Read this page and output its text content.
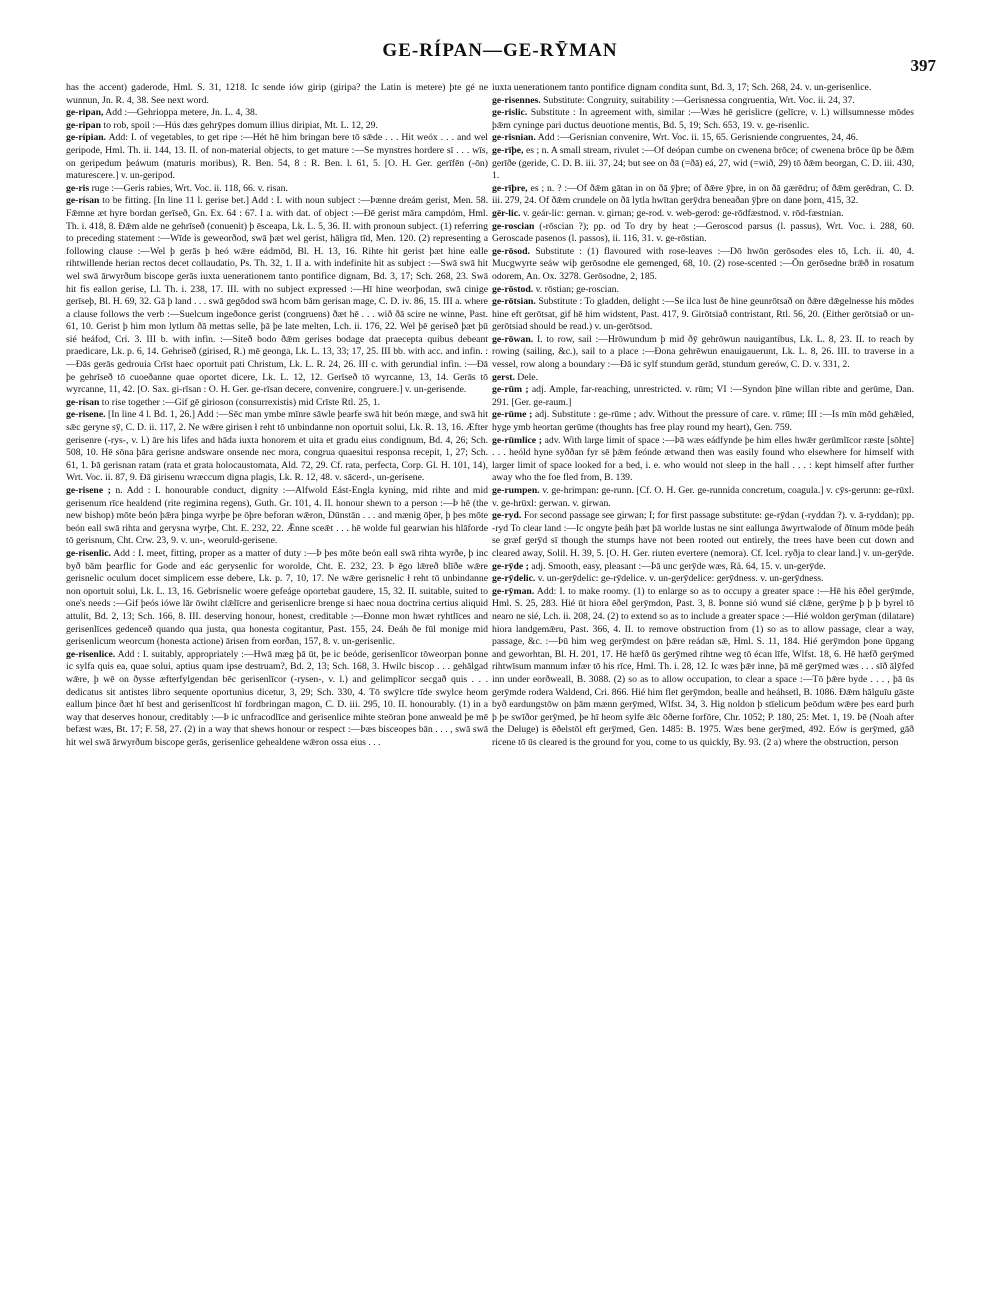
GE-RÍPAN—GE-RȲMAN
397

has the accent) gaderode, Hml. S. 31, 1218. Ic sende iów girip (giripa? the Latin is metere) þte gé ne wunnun, Jn. R. 4, 38. See next word.

ge-ripan, Add :—Gehrioppa metere, Jn. L. 4, 38.

ge-ripan to rob, spoil :—Hús dæs gehrȳpes domum illius diripiat, Mt. L. 12, 29.

ge-rípian. Add: I. of vegetables, to get ripe :—Hét hē him bringan bere tō sǣde . . . Hit weóx . . . and wel geripode, Hml. Th. ii. 144, 13. II. of non-material objects, to get mature :—Se mynstres hordere sī . . . wīs, on geripedum þeáwum (maturis moribus), R. Ben. 54, 8 : R. Ben. l. 61, 5. [O. H. Ger. gerīfēn (-ōn) maturescere.] v. un-geripod.

ge-ris ruge :—Geris rabies, Wrt. Voc. ii. 118, 66. v. risan.

ge-rísan to be fitting. [In line 11 l. gerise bet.] Add : I. with noun subject :—Þænne dreám gerist, Men. 58. Fǣmne æt hyre bordan gerīseð, Gn. Ex. 64 : 67. I a. with dat. of object :—Ðē gerist māra campdóm, Hml. Th. i. 418, 8. Ðǣm alde ne gehrīseð (conuenit) þ ēsceapa, Lk. L. 5, 36. II. with pronoun subject. (1) referring to preceding statement :—Wīde is geweorðod, swā þæt wel gerist, hāligra tīd, Men. 120. (2) representing a following clause :—Wel þ gerās þ heó wǣre eádmōd, Bl. H. 13, 16. Rihte hit gerist þæt hine ealle rihtwillende herian rectos decet collaudatio, Ps. Th. 32, 1. II a. with indefinite hit as subject :—Swā swā hit wel swā ārwyrðum biscope gerās iuxta uenerationem tanto pontifice dignam, Bd. 3, 17; Sch. 268, 23. Swā hit fis eallon gerise, Ll. Th. i. 238, 17. III. with no subject expressed :—Hī hine weorþodan, swā cinige gerīseþ, Bl. H. 69, 32. Gā þ land . . . swā gegōdod swā hcom bām gerisan mage, C. D. iv. 86, 15. III a. where a clause follows the verb :—Suelcum ingeðonce gerist (congruens) ðæt hē . . . wið ðā scire ne winne, Past. 61, 10. Gerist þ him mon lytlum ðā mettas selle, þā þe late melten, Lch. ii. 176, 22. Wel þē geriseð þæt þū sié heáfod, Cri. 3. III b. with infin. :—Siteð bodo ðǣm gerises bodage dat praecepta quibus debeant praedicare, Lk. p. 6, 14. Gehriseð (girised, R.) mē geonga, Lk. L. 13, 33; 17, 25. III bb. with acc. and infin. :—Ðās gerās gedrouia Crīst haec oportuit pati Christum, Lk. L. R. 24, 26. III c. with gerundial infin. :—Ðā þe gehrīseð tō cuoeðanne quae oportet dicere, Lk. L. 12, 12. Gerīseð tō wyrcanne, 13, 14. Gerās tō wyrcanne, 11, 42. [O. Sax. gi-rīsan : O. H. Ger. ge-rīsan decere, convenire, congruere.] v. un-gerisende.

ge-rísan to rise together :—Gif gē girioson (consurrexistis) mid Crīste Rtl. 25, 1.

ge-risene. [In line 4 l. Bd. 1, 26.] Add :—Sēc man ymbe mīnre sāwle þearfe swā hit beón mæge, and swā hit sǣc geryne sȳ, C. D. ii. 117, 2. Ne wǣre girisen ł reht tō unbindanne non oportuit solui, Lk. R. 13, 16. Æfter gerisenre (-rys-, v. l.) āre his lifes and hāda iuxta honorem et uita et gradu eius condignum, Bd. 4, 26; Sch. 508, 10. Hē sōna þāra gerisne andsware onsende nec mora, congrua quaesitui responsa recepit, 1, 27; Sch. 61, 1. Þā gerisnan ratam (rata et grata holocaustomata, Ald. 72, 29. Cf. rata, perfecta, Corp. Gl. H. 101, 14), Wrt. Voc. ii. 87, 9. Ðā girisenu wræccum digna plagis, Lk. R. 12, 48. v. sācerd-, un-gerisene.

ge-risene ; n. Add : I. honourable conduct, dignity :—Alfwold Eást-Engla kyning, mid rihte and mid gerisenum rīce healdend (rite regimina regens), Guth. Gr. 101, 4. II. honour shewn to a person :—Þ hē (the new bishop) mōte beón þǣra þinga wyrþe þe ōþre beforan wǣron, Dūnstān . . . and mænig ōþer, þ þes mōte beón eall swā rihta and gerysna wyrþe, Cht. E. 232, 22. Ǣnne sceǣt . . . hē wolde ful gearwian his hlāforde tō gerisnum, Cht. Crw. 23, 9. v. un-, weoruld-gerisene.

ge-risenlic. Add : I. meet, fitting, proper as a matter of duty :—Þ þes mōte beón eall swā rihta wyrðe, þ inc byð bām þearflic for Gode and eác gerysenlic for worolde, Cht. E. 232, 23. Þ ēgo lǣreð blīðe wǣre gerisnelic oculum docet simplicem esse debere, Lk. p. 7, 10, 17. Ne wǣre gerisnelic ł reht tō unbindanne non oportuit solui, Lk. L. 13, 16. Gebrisnelic woere gefeáge oportebat gaudere, 15, 32. II. suitable, suited to one's needs :—Gif þeós iówe lār ōwiht clǣlīcre and gerisenlicre brenge si haec noua doctrina certius aliquid attulit, Bd. 2, 13; Sch. 166, 8. III. deserving honour, honest, creditable :—Ðonne mon hwæt ryhtlīces and gerisenlīces gedenceð quando qua justa, qua honesta cogitantur, Past. 155, 24. Ðeáh ðe fūl monige mid gerisenlicum weorcum (honesta actione) ārisen from eorðan, 157, 8. v. un-gerisenlic.

ge-risenlice. Add : I. suitably, appropriately :—Hwā mæg þā ūt, þe ic beóde, gerisenlīcor tōweorpan þonne ic sylfa quis ea, quae solui, aptius quam ipse destruam?, Bd. 2, 13; Sch. 168, 3. Hwilc biscop . . . gehālgad wǣre, þ wē on ðysse æfterfylgendan bēc gerisenlīcor (-rysen-, v. l.) and gelimplīcor secgað quis . . . dedicatus sit antistes libro sequente oportunius dicetur, 3, 29; Sch. 330, 4. Tō swȳlcre tīde swylce heom eallum þince ðæt hī best and gerisenlīcost hī fordbringan magon, C. D. iii. 295, 10. II. honourably. (1) in a way that deserves honour, creditably :—Þ ic unfracodlīce and gerisenlice mihte steōran þone anweald þe mē befæst wæs, Bt. 17; F. 58, 27. (2) in a way that shews honour or respect :—Þæs bisceopes bān . . . , swā swā hit wel swā ārwyrðum biscope gerās, gerisenlice gehealdene wǣron ossa eius . . .

iuxta uenerationem tanto pontifice dignam condita sunt, Bd. 3, 17; Sch. 268, 24. v. un-gerisenlice.

ge-risennes. Substitute: Congruity, suitability :—Gerisnessa congruentia, Wrt. Voc. ii. 24, 37.

ge-rislic. Substitute : In agreement with, similar :—Wæs hē gerislicre (gelīcre, v. l.) willsumnesse mōdes þǣm cyninge pari ductus deuotione mentis, Bd. 5, 19; Sch. 653, 19. v. ge-risenlic.

ge-risnian. Add :—Gerisnian convenire, Wrt. Voc. ii. 15, 65. Gerisniende congruentes, 24, 46.

ge-rīþe, es ; n. A small stream, rivulet :—Of deópan cumbe on cwenena brōce; of cwenena brōce ūp be ðǣm gerīðe (geride, C. D. B. iii. 37, 24; but see on ðā (=ðā) eá, 27, wid (=wið, 29) tō ðǣm beorgan, C. D. iii. 430, 1.

ge-rīþre, es ; n. ? :—Of ðǣm gātan in on ðā ȳþre; of ðǣre ȳþre, in on ðā gærēdru; of ðǣm gerēdran, C. D. iii. 279, 24. Of ðǣm crundele on ðā lytla hwītan gerȳdra beneaðan ȳþre on dane þorn, 415, 32.

gēr-lic. v. geár-lic: gernan. v. girnan; ge-rod. v. web-gerod: ge-rōdfæstnod. v. rōd-fæstnian.

ge-roscian (-rōscian ?); pp. od To dry by heat :—Geroscod parsus (l. passus), Wrt. Voc. i. 288, 60. Geroscade pasenos (l. passos), ii. 116, 31. v. ge-rōstian.

ge-rōsod. Substitute : (1) flavoured with rose-leaves :—Dō hwōn gerōsodes eles tō, Lch. ii. 40, 4. Mucgwyrte seáw wiþ gerōsodne ele gemenged, 68, 10. (2) rose-scented :—Ōn gerōsedne brǣð in rosatum odorem, An. Ox. 3278. Gerōsodne, 2, 185.

ge-rōstod. v. rōstian; ge-roscian.

ge-rōtsian. Substitute : To gladden, delight :—Se ilca lust ðe hine geunrōtsað on ðǣre dǣgelnesse his mōdes hine eft gerōtsat, gif hē him widstent, Past. 417, 9. Girōtsiað contristant, Rtl. 56, 20. (Either gerōtsiað or un-gerōtsiad should be read.) v. un-gerōtsod.

ge-rōwan. I. to row, sail :—Hrōwundum þ mid ðȳ gehrōwun nauigantibus, Lk. L. 8, 23. II. to reach by rowing (sailing, &c.), sail to a place :—Ðona gehrēwun enauigauerunt, Lk. L. 8, 26. III. to traverse in a vessel, row along a boundary :—Ðā ic sylf stundum gerād, stundum gereów, C. D. v. 331, 2.

gerst. Dele.

ge-rūm ; adj. Ample, far-reaching, unrestricted. v. rūm; VI :—Syndon þīne willan ribte and gerūme, Dan. 291. [Ger. ge-raum.]

ge-rūme ; adj. Substitute : ge-rūme ; adv. Without the pressure of care. v. rūme; III :—Is mīn mōd gehǣled, hyge ymb heortan gerūme (thoughts has free play round my heart), Gen. 759.

ge-rūmlice ; adv. With large limit of space :—Þā wæs eádfynde þe him elles hwǣr gerūmlīcor ræste [sōhte] . . . heóld hyne syððan fyr sē þǣm feónde ætwand then was easily found who elsewhere for himself with larger limit of space looked for a bed, i. e. who would not sleep in the hall . . . : kept himself after further away who the foe fled from, B. 139.

ge-rumpen. v. ge-hrimpan: ge-runn. [Cf. O. H. Ger. ge-runnida concretum, coagula.] v. cȳs-gerunn: ge-rūxl. v. ge-hrūxl: gerwan. v. girwan.

ge-ryd. For second passage see girwan; I; for first passage substitute: ge-rȳdan (-ryddan ?). v. ā-ryddan); pp. -ryd To clear land :—Ic ongyte þeáh þæt þā worlde lustas ne sint eallunga āwyrtwalode of ðīnum mōde þeáh se græf gerȳd sī though the stumps have not been rooted out entirely, the trees have been cut down and cleared away, Solil. H. 39, 5. [O. H. Ger. riuten evertere (nemora). Cf. Icel. ryðja to clear land.] v. un-gerȳde.

ge-rȳde ; adj. Smooth, easy, pleasant :—Þā unc gerȳde wæs, Rä. 64, 15. v. un-gerȳde.

ge-rȳdelic. v. un-gerȳdelic: ge-rȳdelice. v. un-gerȳdelice: gerȳdness. v. un-gerȳdness.

ge-rȳman. Add: I. to make roomy. (1) to enlarge so as to occupy a greater space :—Hē his ēðel gerȳmde, Hml. S. 25, 283. Hié ūt hiora ēðel gerȳmdon, Past. 3, 8. Þonne sió wund sié clǣne, gerȳme þ þ þ byrel tō nearo ne sié, Lch. ii. 208, 24. (2) to extend so as to include a greater space :—Hié woldon gerȳman (dilatare) hiora landgemǣru, Past. 366, 4. II. to remove obstruction from (1) so as to allow passage, clear a way, passage, &c. :—Þū him weg gerȳmdest on þǣre reádan sǣ, Hml. S. 11, 184. Hié gerȳmdon þone ūpgang and geworhtan, Bl. H. 201, 17. Hē hæfð ūs gerȳmed rihtne weg tō écan līfe, Wlfst. 18, 6. Hē hæfð gerȳmed rihtwīsum mannum infær tō his rīce, Hml. Th. i. 28, 12. Ic wæs þǣr inne, þā mē gerȳmed wæs . . . sīð ālȳfed inn under eorðweall, B. 3088. (2) so as to allow occupation, to clear a space :—Tō þǣre byde . . . , þā ūs gerȳmde rodera Waldend, Cri. 866. Hié him flet gerȳmdon, bealle and heáhsetl, B. 1086. Ðǣm hālguīu gāste byð eardungstōw on þām mænn gerȳmed, Wlfst. 34, 3. Hig noldon þ stīelicum þeōdum wǣre þes eard þurh þ þe swīðor gerȳmed, þe hī heom sylfe ǣlc ōðerne forfōre, Chr. 1052; P. 180, 25: Met. 1, 19. Þē (Noah after the Deluge) is ēðelstōl eft gerȳmed, Gen. 1485: B. 1975. Wæs bene gerȳmed, 492. Eów is gerȳmed, gāð ricene tō ūs cleared is the ground for you, come to us quickly, By. 93. (2 a) where the obstruction, person
